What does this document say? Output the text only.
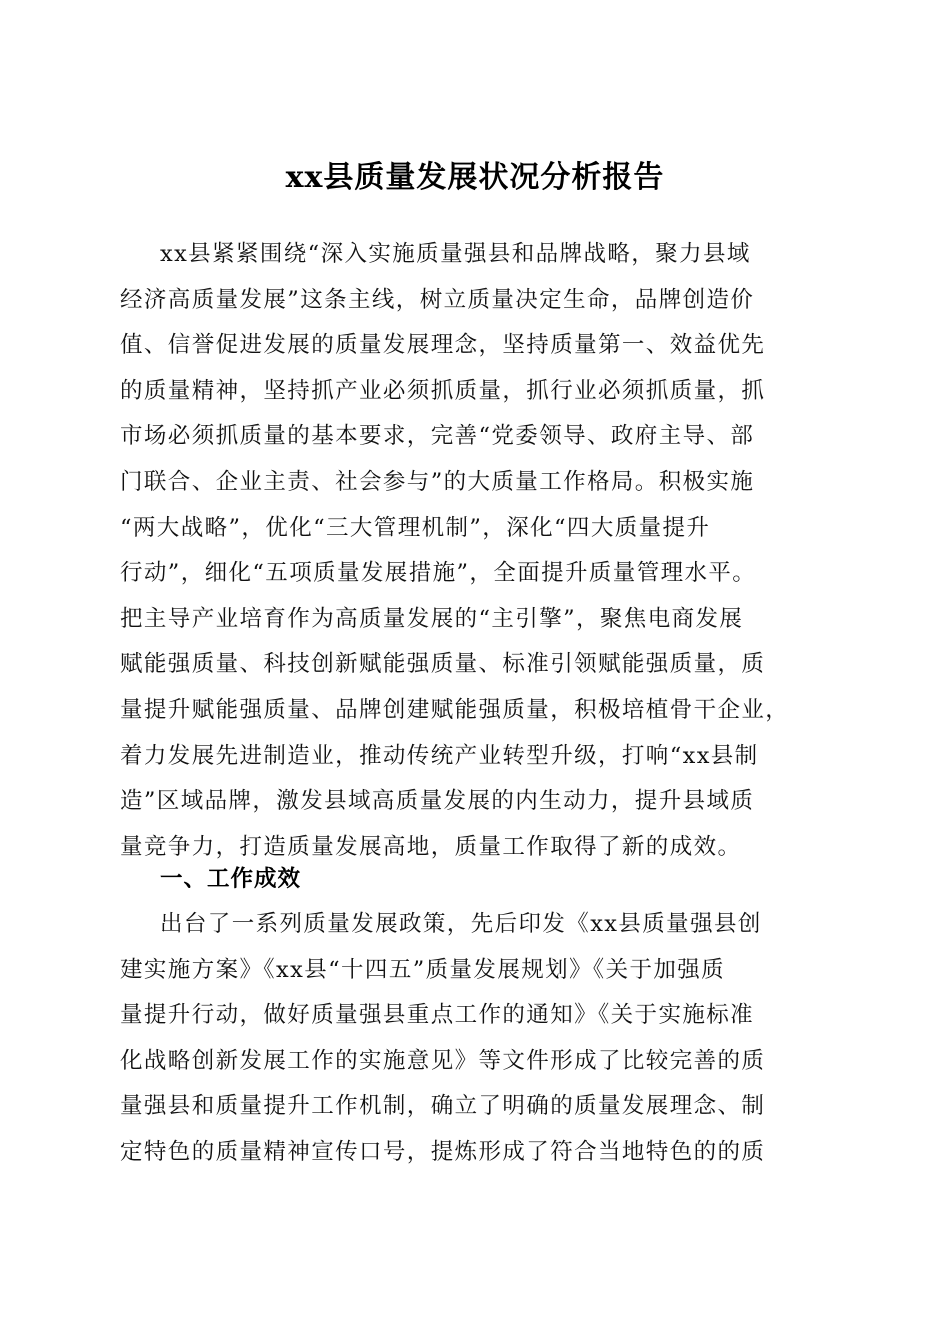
xx县质量发展状况分析报告
xx县紧紧围绕“深入实施质量强县和品牌战略，聚力县域
经济高质量发展”这条主线，树立质量决定生命，品牌创造价
值、信誉促进发展的质量发展理念，坚持质量第一、效益优先
的质量精神，坚持抓产业必须抓质量，抓行业必须抓质量，抓
市场必须抓质量的基本要求，完善“党委领导、政府主导、部
门联合、企业主责、社会参与”的大质量工作格局。积极实施
“两大战略”，优化“三大管理机制”，深化“四大质量提升
行动”，细化“五项质量发展措施”，全面提升质量管理水平。
把主导产业培育作为高质量发展的“主引擎”，聚焦电商发展
赋能强质量、科技创新赋能强质量、标准引领赋能强质量，质
量提升赋能强质量、品牌创建赋能强质量，积极培植骨干企业，
着力发展先进制造业，推动传统产业转型升级，打响“xx县制
造”区域品牌，激发县域高质量发展的内生动力，提升县域质
量竞争力，打造质量发展高地，质量工作取得了新的成效。
一、工作成效
出台了一系列质量发展政策，先后印发《xx县质量强县创
建实施方案》《xx县“十四五”质量发展规划》《关于加强质
量提升行动，做好质量强县重点工作的通知》《关于实施标准
化战略创新发展工作的实施意见》等文件形成了比较完善的质
量强县和质量提升工作机制，确立了明确的质量发展理念、制
定特色的质量精神宣传口号，提炼形成了符合当地特色的的质
